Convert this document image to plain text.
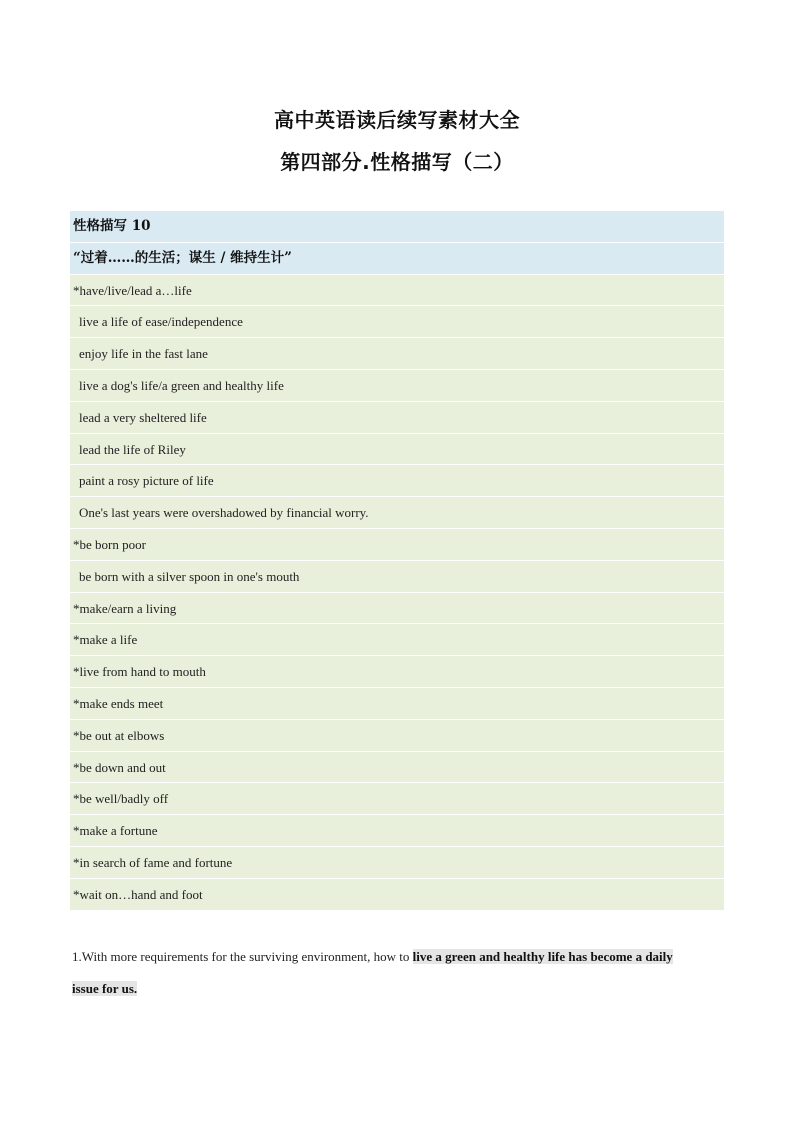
高中英语读后续写素材大全
第四部分.性格描写（二）
性格描写 10
“过着……的生活；谋生 / 维持生计”
*have/live/lead a…life
live a life of ease/independence
enjoy life in the fast lane
live a dog's life/a green and healthy life
lead a very sheltered life
lead the life of Riley
paint a rosy picture of life
One's last years were overshadowed by financial worry.
*be born poor
be born with a silver spoon in one's mouth
*make/earn a living
*make a life
*live from hand to mouth
*make ends meet
*be out at elbows
*be down and out
*be well/badly off
*make a fortune
*in search of fame and fortune
*wait on…hand and foot
1.With more requirements for the surviving environment, how to live a green and healthy life has become a daily
issue for us.
